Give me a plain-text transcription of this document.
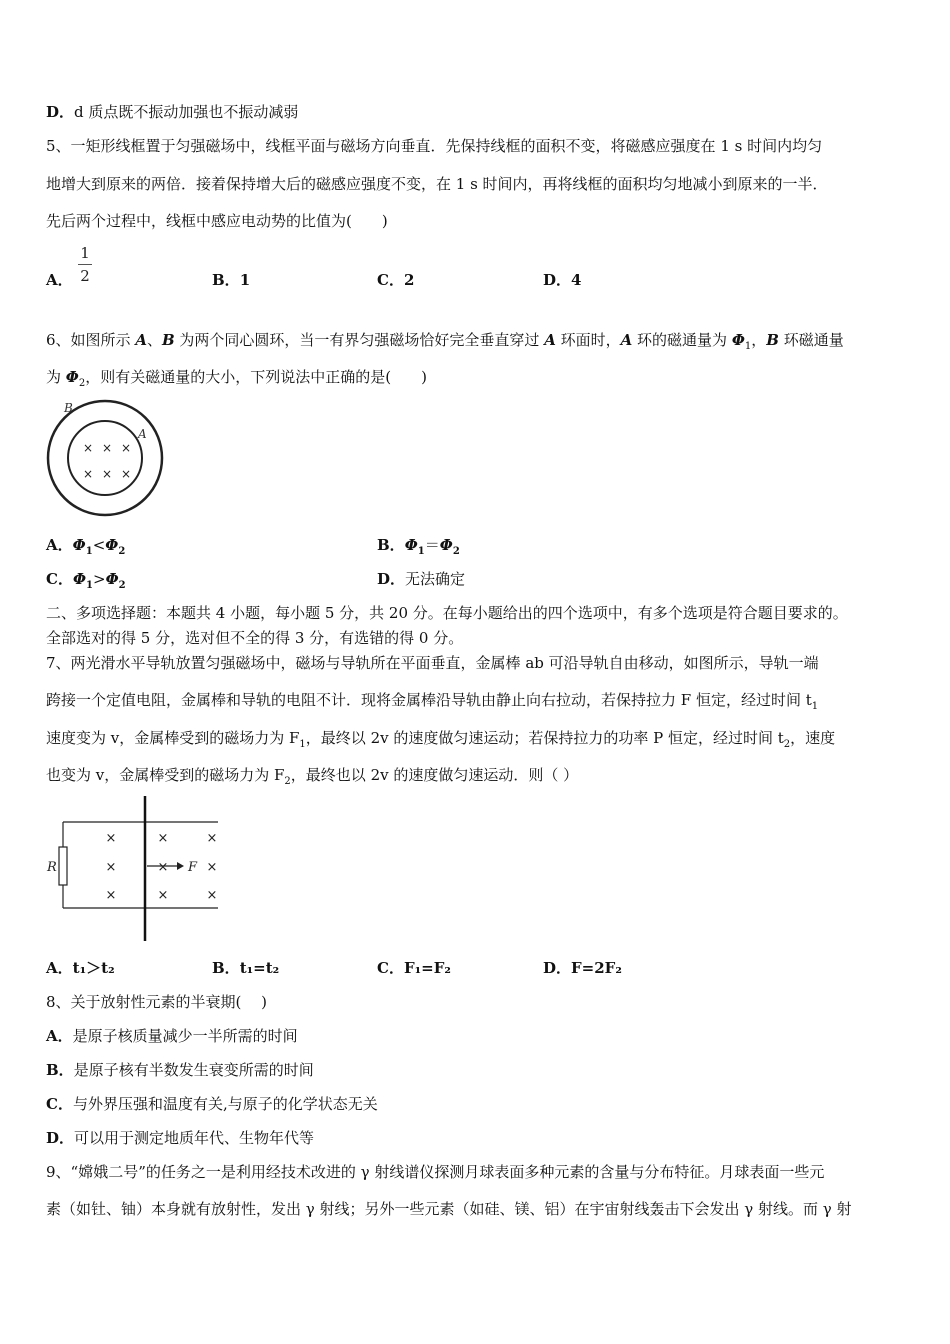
D．d 质点既不振动加强也不振动减弱
5、一矩形线框置于匀强磁场中，线框平面与磁场方向垂直．先保持线框的面积不变，将磁感应强度在 1 s 时间内均匀
地增大到原来的两倍．接着保持增大后的磁感应强度不变，在 1 s 时间内，再将线框的面积均匀地减小到原来的一半．
先后两个过程中，线框中感应电动势的比值为(　　)
A．
1
2	B．1	C．2	D．4
6、如图所示 A、B 为两个同心圆环，当一有界匀强磁场恰好完全垂直穿过 A 环面时，A 环的磁通量为 $\Phi_1$，B 环磁通量
为 $\Phi_2$，则有关磁通量的大小，下列说法中正确的是(　　)
B
A
× × ×
× × ×
A．$\Phi_1<\Phi_2$	B．$\Phi_1=\Phi_2$
C．$\Phi_1>\Phi_2$	D．无法确定
二、多项选择题：本题共 4 小题，每小题 5 分，共 20 分。在每小题给出的四个选项中，有多个选项是符合题目要求的。
全部选对的得 5 分，选对但不全的得 3 分，有选错的得 0 分。
7、两光滑水平导轨放置匀强磁场中，磁场与导轨所在平面垂直，金属棒 ab 可沿导轨自由移动，如图所示，导轨一端
跨接一个定值电阻，金属棒和导轨的电阻不计．现将金属棒沿导轨由静止向右拉动，若保持拉力 F 恒定，经过时间 $t_1$
速度变为 v，金属棒受到的磁场力为 $F_1$，最终以 2v 的速度做匀速运动；若保持拉力的功率 P 恒定，经过时间 $t_2$，速度
也变为 v，金属棒受到的磁场力为 $F_2$，最终也以 2v 的速度做匀速运动．则（ ）
R
×	×	×
×	×	×
×	×	×
F
A．t₁＞t₂	B．t₁=t₂	C．F₁=F₂	D．F=2F₂
8、关于放射性元素的半衰期(　 )
A．是原子核质量减少一半所需的时间
B．是原子核有半数发生衰变所需的时间
C．与外界压强和温度有关,与原子的化学状态无关
D．可以用于测定地质年代、生物年代等
9、“嫦娥二号”的任务之一是利用经技术改进的 γ 射线谱仪探测月球表面多种元素的含量与分布特征。月球表面一些元
素（如钍、铀）本身就有放射性，发出 γ 射线；另外一些元素（如硅、镁、铝）在宇宙射线轰击下会发出 γ 射线。而 γ 射
